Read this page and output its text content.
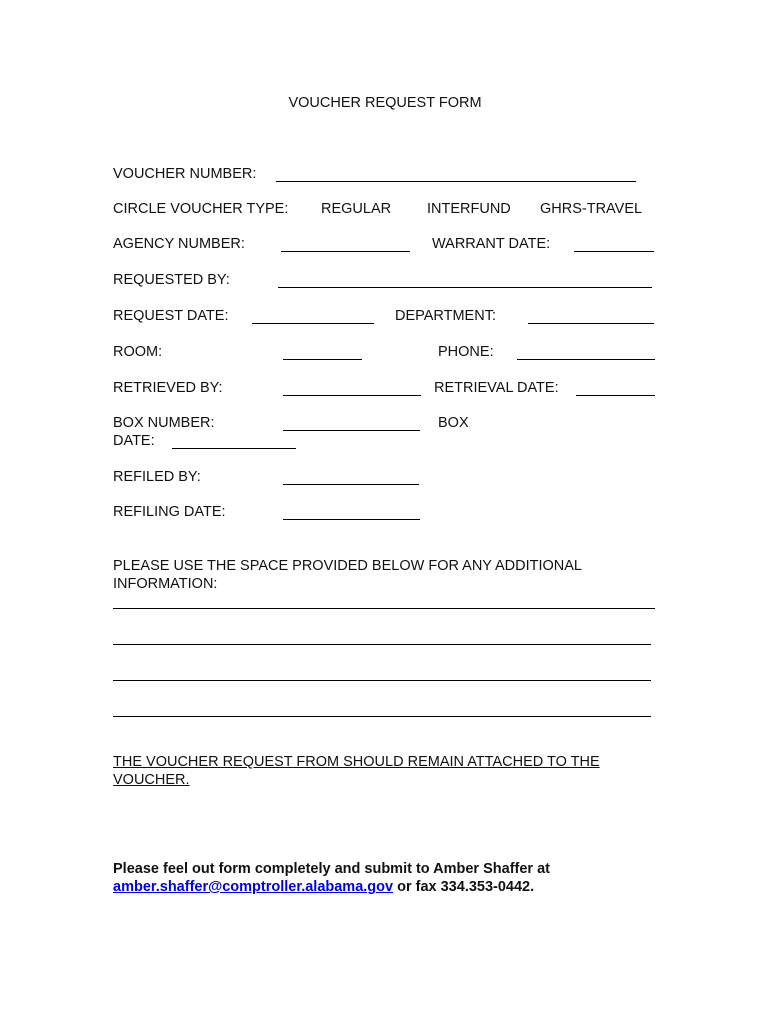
VOUCHER REQUEST FORM
VOUCHER NUMBER:
CIRCLE VOUCHER TYPE: REGULAR INTERFUND GHRS-TRAVEL
AGENCY NUMBER:	WARRANT DATE:
REQUESTED BY:
REQUEST DATE:	DEPARTMENT:
ROOM:	PHONE:
RETRIEVED BY:	RETRIEVAL DATE:
BOX NUMBER:	BOX
DATE:
REFILED BY:
REFILING DATE:
PLEASE USE THE SPACE PROVIDED BELOW FOR ANY ADDITIONAL
INFORMATION:
THE VOUCHER REQUEST FROM SHOULD REMAIN ATTACHED TO THE
VOUCHER.
Please feel out form completely and submit to Amber Shaffer at
amber.shaffer@comptroller.alabama.gov or fax 334.353-0442.
